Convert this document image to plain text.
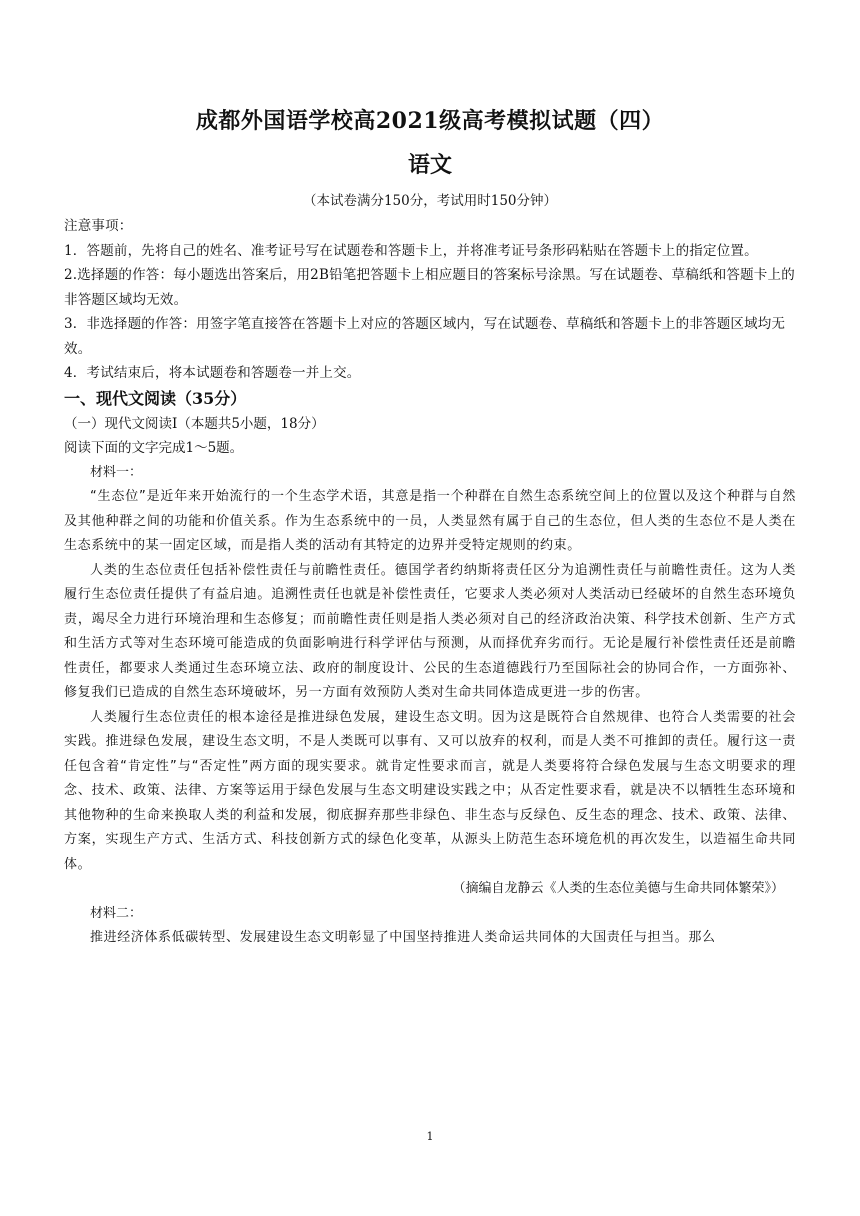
成都外国语学校高2021级高考模拟试题（四）
语文
（本试卷满分150分，考试用时150分钟）

注意事项：

1．答题前，先将自己的姓名、准考证号写在试题卷和答题卡上，并将准考证号条形码粘贴在答题卡上的指定位置。

2.选择题的作答：每小题选出答案后，用2B铅笔把答题卡上相应题目的答案标号涂黑。写在试题卷、草稿纸和答题卡上的非答题区域均无效。

3．非选择题的作答：用签字笔直接答在答题卡上对应的答题区域内，写在试题卷、草稿纸和答题卡上的非答题区域均无效。

4．考试结束后，将本试题卷和答题卷一并上交。

一、现代文阅读（35分）

（一）现代文阅读Ⅰ（本题共5小题，18分）

阅读下面的文字完成1～5题。

材料一：

“生态位”是近年来开始流行的一个生态学术语，其意是指一个种群在自然生态系统空间上的位置以及这个种群与自然及其他种群之间的功能和价值关系。作为生态系统中的一员，人类显然有属于自己的生态位，但人类的生态位不是人类在生态系统中的某一固定区域，而是指人类的活动有其特定的边界并受特定规则的约束。

人类的生态位责任包括补偿性责任与前瞻性责任。德国学者约纳斯将责任区分为追溯性责任与前瞻性责任。这为人类履行生态位责任提供了有益启迪。追溯性责任也就是补偿性责任，它要求人类必须对人类活动已经破坏的自然生态环境负责，竭尽全力进行环境治理和生态修复；而前瞻性责任则是指人类必须对自己的经济政治决策、科学技术创新、生产方式和生活方式等对生态环境可能造成的负面影响进行科学评估与预测，从而择优弃劣而行。无论是履行补偿性责任还是前瞻性责任，都要求人类通过生态环境立法、政府的制度设计、公民的生态道德践行乃至国际社会的协同合作，一方面弥补、修复我们已造成的自然生态环境破坏，另一方面有效预防人类对生命共同体造成更进一步的伤害。

人类履行生态位责任的根本途径是推进绿色发展，建设生态文明。因为这是既符合自然规律、也符合人类需要的社会实践。推进绿色发展，建设生态文明，不是人类既可以事有、又可以放弃的权利，而是人类不可推卸的责任。履行这一责任包含着“肯定性”与“否定性”两方面的现实要求。就肯定性要求而言，就是人类要将符合绿色发展与生态文明要求的理念、技术、政策、法律、方案等运用于绿色发展与生态文明建设实践之中；从否定性要求看，就是决不以牺牲生态环境和其他物种的生命来换取人类的利益和发展，彻底摒弃那些非绿色、非生态与反绿色、反生态的理念、技术、政策、法律、方案，实现生产方式、生活方式、科技创新方式的绿色化变革，从源头上防范生态环境危机的再次发生，以造福生命共同体。

（摘编自龙静云《人类的生态位美德与生命共同体繁荣》）

材料二：

推进经济体系低碳转型、发展建设生态文明彰显了中国坚持推进人类命运共同体的大国责任与担当。那么

1
